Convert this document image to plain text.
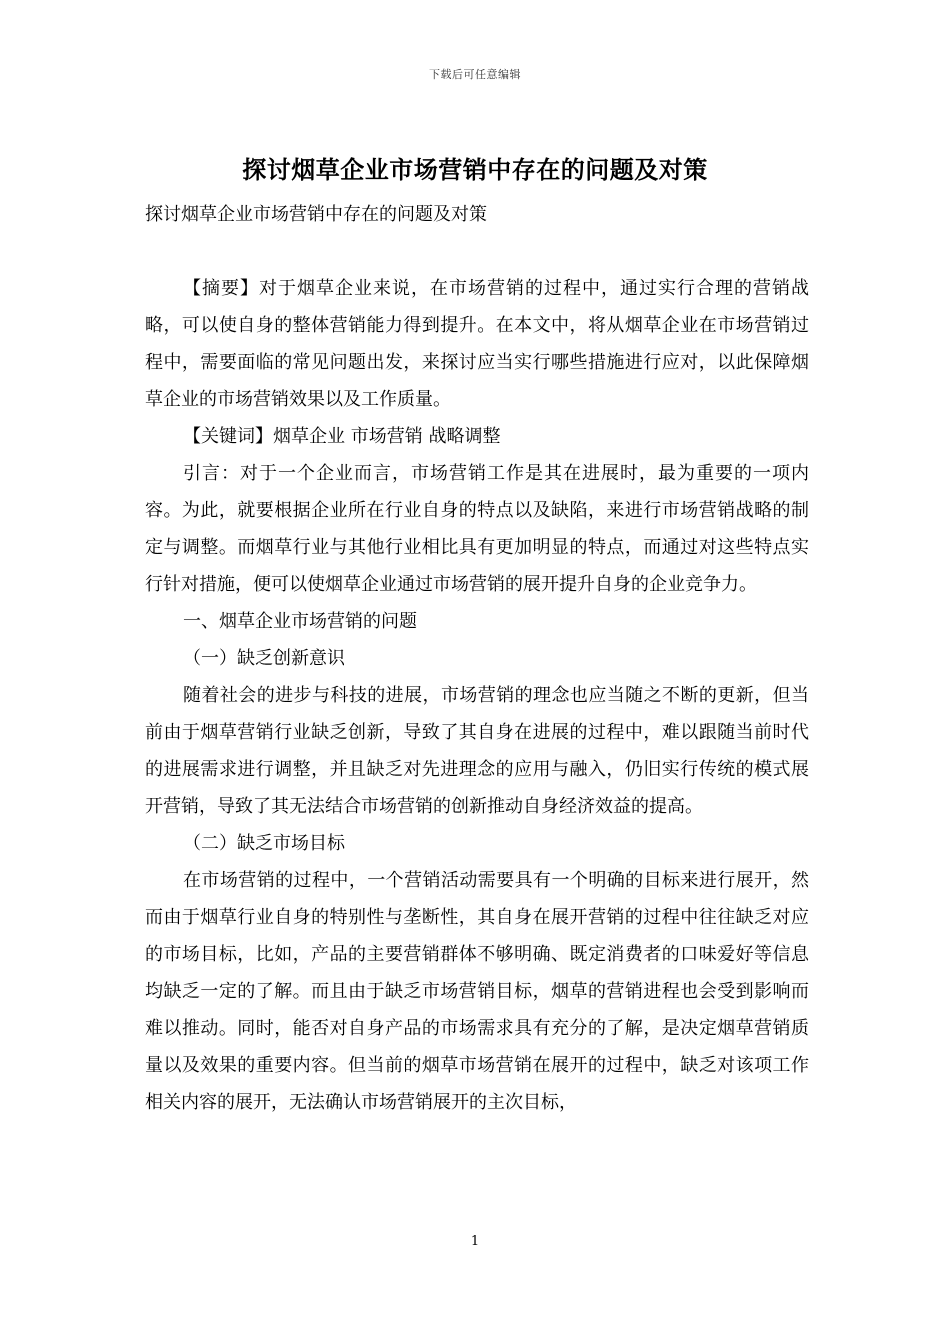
下载后可任意编辑
探讨烟草企业市场营销中存在的问题及对策

探讨烟草企业市场营销中存在的问题及对策

【摘要】对于烟草企业来说，在市场营销的过程中，通过实行合理的营销战略，可以使自身的整体营销能力得到提升。在本文中，将从烟草企业在市场营销过程中，需要面临的常见问题出发，来探讨应当实行哪些措施进行应对，以此保障烟草企业的市场营销效果以及工作质量。

【关键词】烟草企业 市场营销 战略调整

引言：对于一个企业而言，市场营销工作是其在进展时，最为重要的一项内容。为此，就要根据企业所在行业自身的特点以及缺陷，来进行市场营销战略的制定与调整。而烟草行业与其他行业相比具有更加明显的特点，而通过对这些特点实行针对措施，便可以使烟草企业通过市场营销的展开提升自身的企业竞争力。

一、烟草企业市场营销的问题

（一）缺乏创新意识

随着社会的进步与科技的进展，市场营销的理念也应当随之不断的更新，但当前由于烟草营销行业缺乏创新，导致了其自身在进展的过程中，难以跟随当前时代的进展需求进行调整，并且缺乏对先进理念的应用与融入，仍旧实行传统的模式展开营销，导致了其无法结合市场营销的创新推动自身经济效益的提高。

（二）缺乏市场目标

在市场营销的过程中，一个营销活动需要具有一个明确的目标来进行展开，然而由于烟草行业自身的特别性与垄断性，其自身在展开营销的过程中往往缺乏对应的市场目标，比如，产品的主要营销群体不够明确、既定消费者的口味爱好等信息均缺乏一定的了解。而且由于缺乏市场营销目标，烟草的营销进程也会受到影响而难以推动。同时，能否对自身产品的市场需求具有充分的了解，是决定烟草营销质量以及效果的重要内容。但当前的烟草市场营销在展开的过程中，缺乏对该项工作相关内容的展开，无法确认市场营销展开的主次目标，

1
